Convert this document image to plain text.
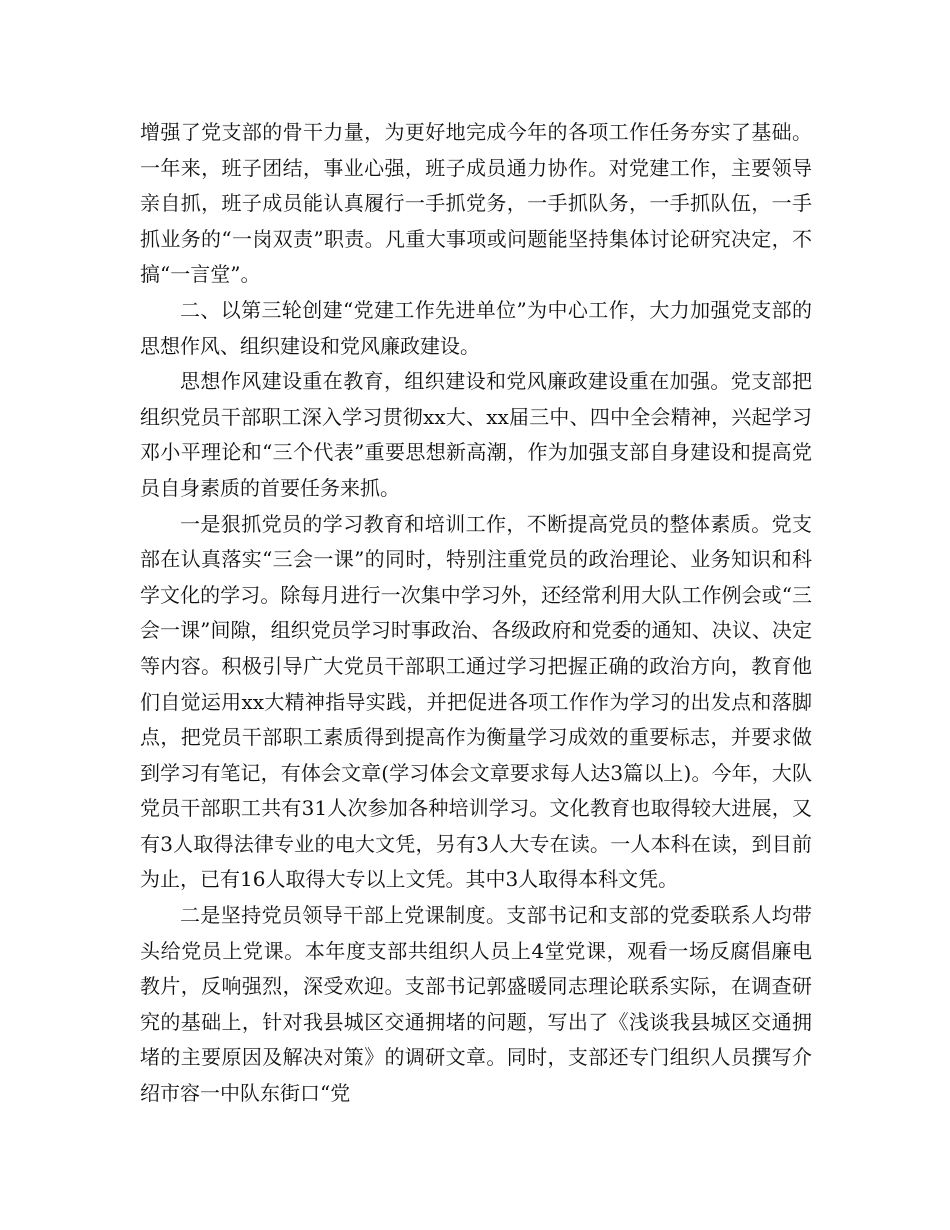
增强了党支部的骨干力量，为更好地完成今年的各项工作任务夯实了基础。一年来，班子团结，事业心强，班子成员通力协作。对党建工作，主要领导亲自抓，班子成员能认真履行一手抓党务，一手抓队务，一手抓队伍，一手抓业务的“一岗双责”职责。凡重大事项或问题能坚持集体讨论研究决定，不搞“一言堂”。

二、以第三轮创建“党建工作先进单位”为中心工作，大力加强党支部的思想作风、组织建设和党风廉政建设。

思想作风建设重在教育，组织建设和党风廉政建设重在加强。党支部把组织党员干部职工深入学习贯彻xx大、xx届三中、四中全会精神，兴起学习邓小平理论和“三个代表”重要思想新高潮，作为加强支部自身建设和提高党员自身素质的首要任务来抓。

一是狠抓党员的学习教育和培训工作，不断提高党员的整体素质。党支部在认真落实“三会一课”的同时，特别注重党员的政治理论、业务知识和科学文化的学习。除每月进行一次集中学习外，还经常利用大队工作例会或“三会一课”间隙，组织党员学习时事政治、各级政府和党委的通知、决议、决定等内容。积极引导广大党员干部职工通过学习把握正确的政治方向，教育他们自觉运用xx大精神指导实践，并把促进各项工作作为学习的出发点和落脚点，把党员干部职工素质得到提高作为衡量学习成效的重要标志，并要求做到学习有笔记，有体会文章(学习体会文章要求每人达3篇以上)。今年，大队党员干部职工共有31人次参加各种培训学习。文化教育也取得较大进展，又有3人取得法律专业的电大文凭，另有3人大专在读。一人本科在读，到目前为止，已有16人取得大专以上文凭。其中3人取得本科文凭。

二是坚持党员领导干部上党课制度。支部书记和支部的党委联系人均带头给党员上党课。本年度支部共组织人员上4堂党课，观看一场反腐倡廉电教片，反响强烈，深受欢迎。支部书记郭盛暖同志理论联系实际，在调查研究的基础上，针对我县城区交通拥堵的问题，写出了《浅谈我县城区交通拥堵的主要原因及解决对策》的调研文章。同时，支部还专门组织人员撰写介绍市容一中队东街口“党
